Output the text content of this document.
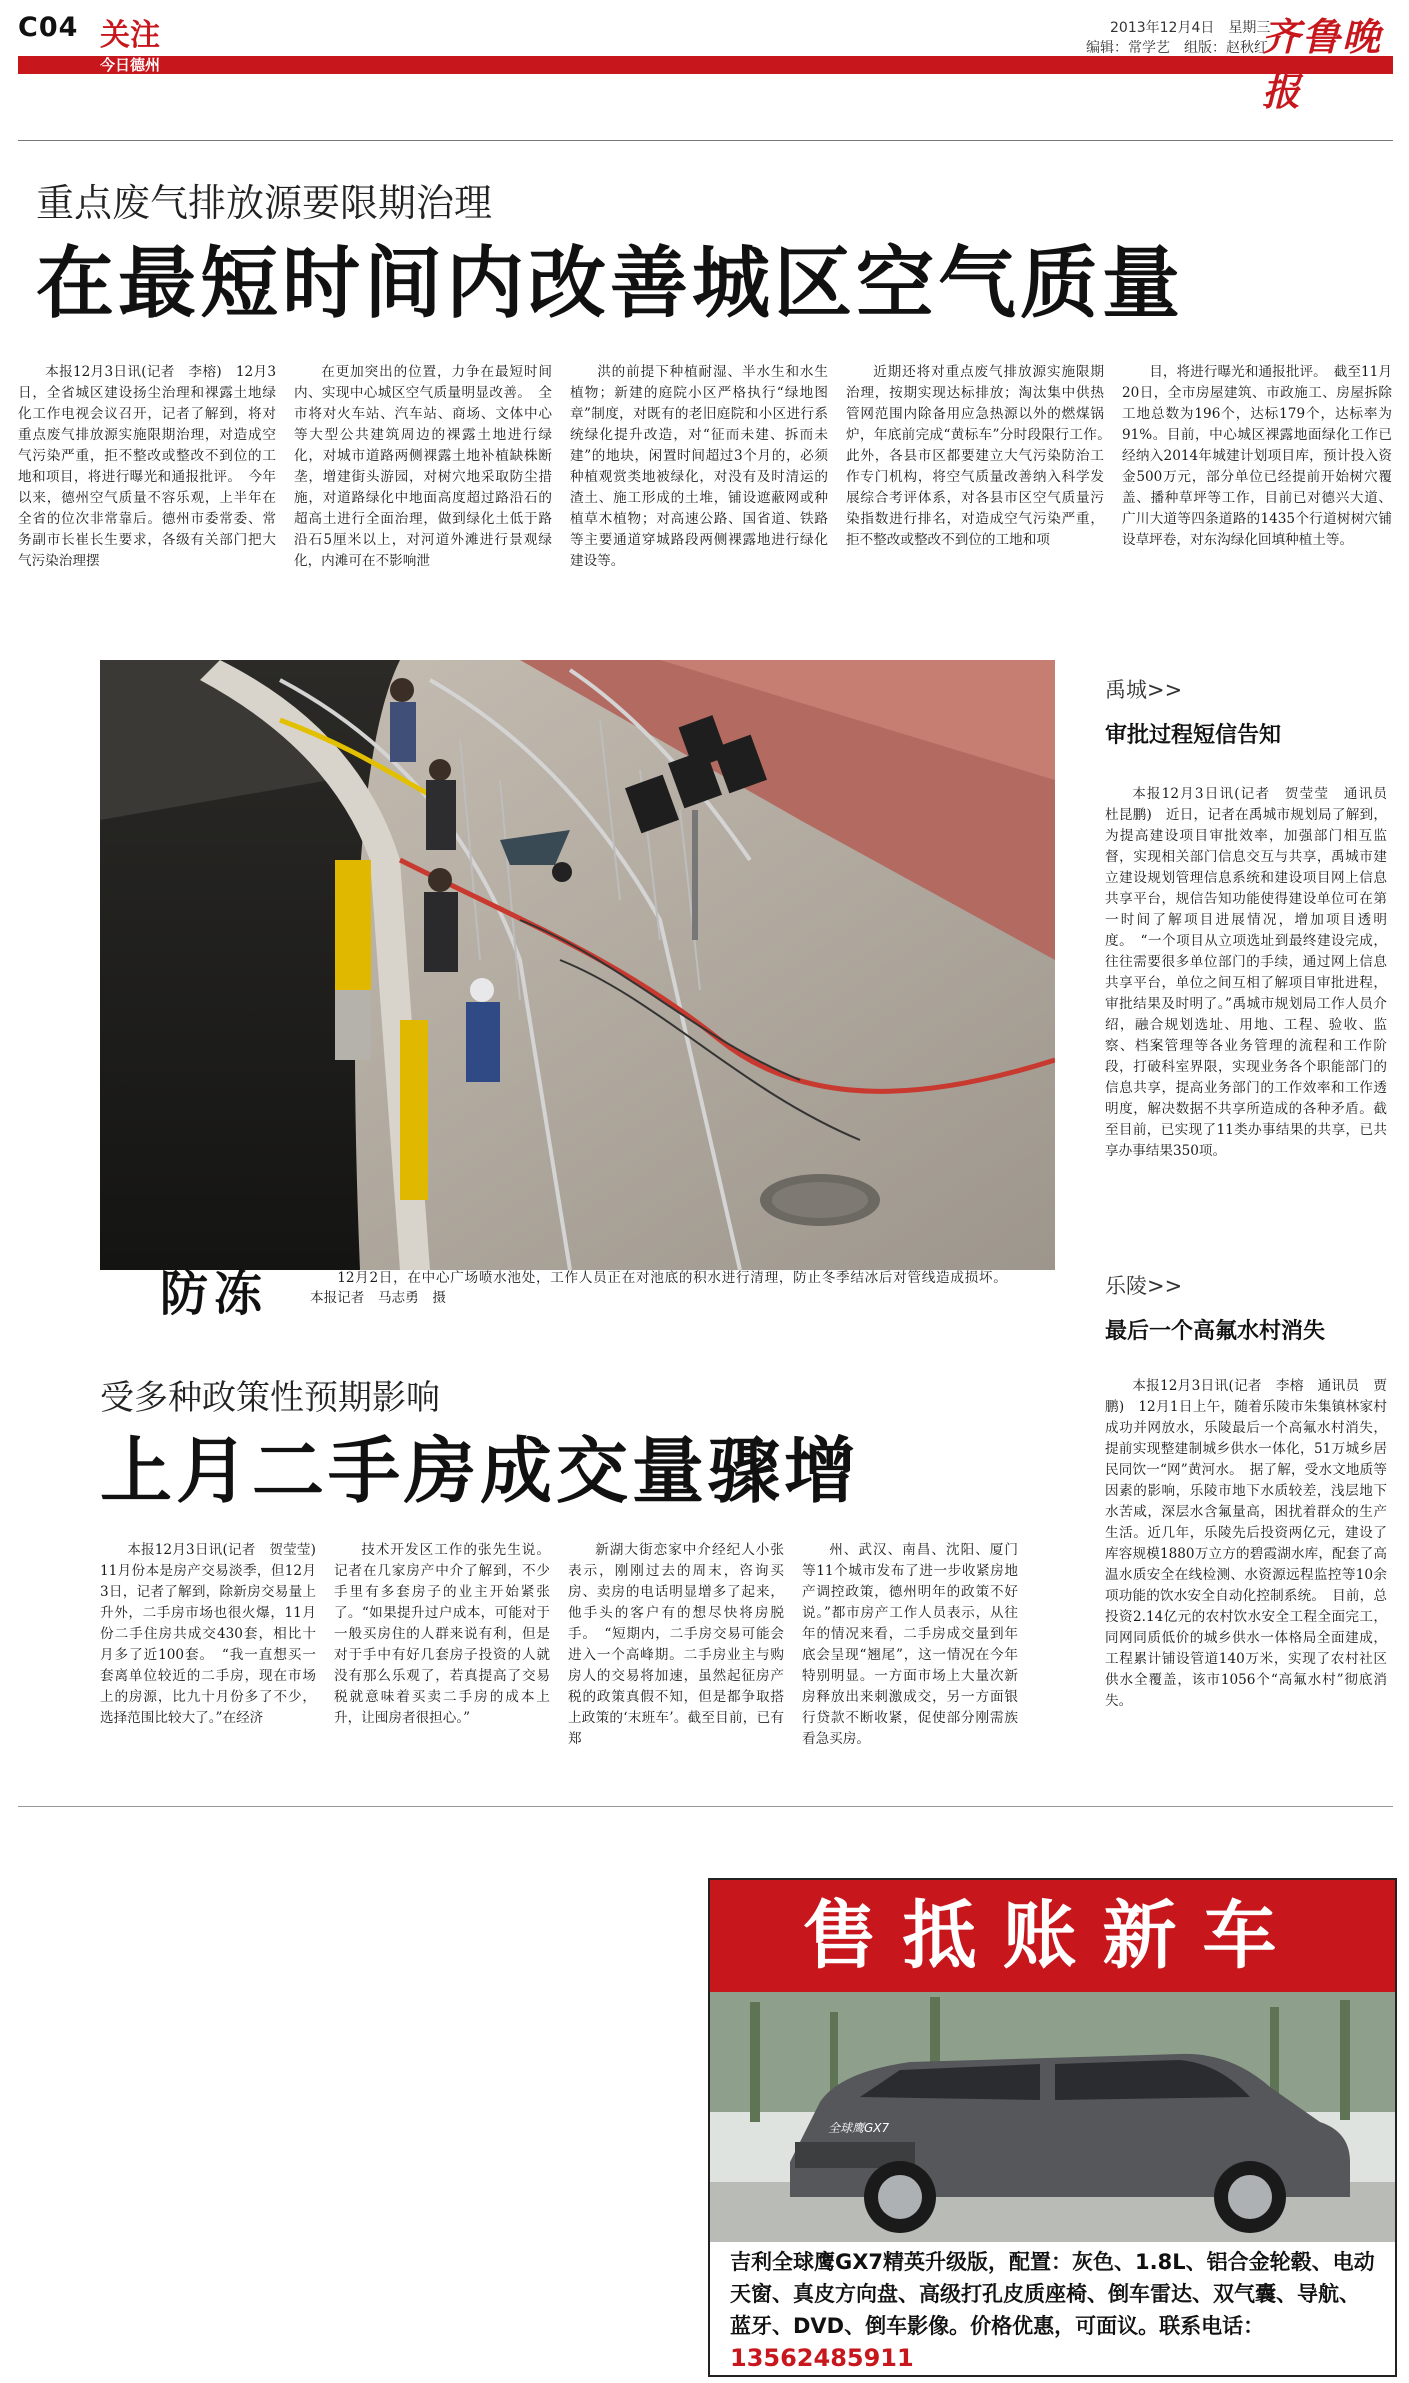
C04 关注
今日德州
2013年12月4日　星期三
编辑：常学艺　组版：赵秋红
齐鲁晚报
重点废气排放源要限期治理
在最短时间内改善城区空气质量

本报12月3日讯(记者　李榕)　12月3日，全省城区建设扬尘治理和裸露土地绿化工作电视会议召开，记者了解到，将对重点废气排放源实施限期治理，对造成空气污染严重，拒不整改或整改不到位的工地和项目，将进行曝光和通报批评。　今年以来，德州空气质量不容乐观，上半年在全省的位次非常靠后。德州市委常委、常务副市长崔长生要求，各级有关部门把大气污染治理摆

在更加突出的位置，力争在最短时间内、实现中心城区空气质量明显改善。　全市将对火车站、汽车站、商场、文体中心等大型公共建筑周边的裸露土地进行绿化，对城市道路两侧裸露土地补植缺株断垄，增建街头游园，对树穴地采取防尘措施，对道路绿化中地面高度超过路沿石的超高土进行全面治理，做到绿化土低于路沿石5厘米以上，对河道外滩进行景观绿化，内滩可在不影响泄

洪的前提下种植耐湿、半水生和水生植物；新建的庭院小区严格执行“绿地图章”制度，对既有的老旧庭院和小区进行系统绿化提升改造，对“征而未建、拆而未建”的地块，闲置时间超过3个月的，必须种植观赏类地被绿化，对没有及时清运的渣土、施工形成的土堆，铺设遮蔽网或种植草木植物；对高速公路、国省道、铁路等主要通道穿城路段两侧裸露地进行绿化建设等。

近期还将对重点废气排放源实施限期治理，按期实现达标排放；淘汰集中供热管网范围内除备用应急热源以外的燃煤锅炉，年底前完成“黄标车”分时段限行工作。　此外，各县市区都要建立大气污染防治工作专门机构，将空气质量改善纳入科学发展综合考评体系，对各县市区空气质量污染指数进行排名，对造成空气污染严重，拒不整改或整改不到位的工地和项

目，将进行曝光和通报批评。　截至11月20日，全市房屋建筑、市政施工、房屋拆除工地总数为196个，达标179个，达标率为91%。目前，中心城区裸露地面绿化工作已经纳入2014年城建计划项目库，预计投入资金500万元，部分单位已经提前开始树穴覆盖、播种草坪等工作，目前已对德兴大道、广川大道等四条道路的1435个行道树树穴铺设草坪卷，对东沟绿化回填种植土等。

防冻	12月2日，在中心广场喷水池处，工作人员正在对池底的积水进行清理，防止冬季结冰后对管线造成损坏。　　　本报记者　马志勇　摄

禹城>>
审批过程短信告知

本报12月3日讯(记者　贺莹莹　通讯员　杜昆鹏)　近日，记者在禹城市规划局了解到，为提高建设项目审批效率，加强部门相互监督，实现相关部门信息交互与共享，禹城市建立建设规划管理信息系统和建设项目网上信息共享平台，规信告知功能使得建设单位可在第一时间了解项目进展情况，增加项目透明度。　“一个项目从立项选址到最终建设完成，往往需要很多单位部门的手续，通过网上信息共享平台，单位之间互相了解项目审批进程，审批结果及时明了。”禹城市规划局工作人员介绍，融合规划选址、用地、工程、验收、监察、档案管理等各业务管理的流程和工作阶段，打破科室界限，实现业务各个职能部门的信息共享，提高业务部门的工作效率和工作透明度，解决数据不共享所造成的各种矛盾。截至目前，已实现了11类办事结果的共享，已共享办事结果350项。

乐陵>>
最后一个高氟水村消失

本报12月3日讯(记者　李榕　通讯员　贾鹏)　12月1日上午，随着乐陵市朱集镇林家村成功并网放水，乐陵最后一个高氟水村消失，提前实现整建制城乡供水一体化，51万城乡居民同饮一“网”黄河水。　据了解，受水文地质等因素的影响，乐陵市地下水质较差，浅层地下水苦咸，深层水含氟量高，困扰着群众的生产生活。近几年，乐陵先后投资两亿元，建设了库容规模1880万立方的碧霞湖水库，配套了高温水质安全在线检测、水资源远程监控等10余项功能的饮水安全自动化控制系统。　目前，总投资2.14亿元的农村饮水安全工程全面完工，同网同质低价的城乡供水一体格局全面建成，工程累计铺设管道140万米，实现了农村社区供水全覆盖，该市1056个“高氟水村”彻底消失。

受多种政策性预期影响
上月二手房成交量骤增

本报12月3日讯(记者　贺莹莹)　11月份本是房产交易淡季，但12月3日，记者了解到，除新房交易量上升外，二手房市场也很火爆，11月份二手住房共成交430套，相比十月多了近100套。　“我一直想买一套离单位较近的二手房，现在市场上的房源，比九十月份多了不少，选择范围比较大了。”在经济

技术开发区工作的张先生说。记者在几家房产中介了解到，不少手里有多套房子的业主开始紧张了。“如果提升过户成本，可能对于一般买房住的人群来说有利，但是对于手中有好几套房子投资的人就没有那么乐观了，若真提高了交易税就意味着买卖二手房的成本上升，让囤房者很担心。”

新湖大街恋家中介经纪人小张表示，刚刚过去的周末，咨询买房、卖房的电话明显增多了起来，他手头的客户有的想尽快将房脱手。　“短期内，二手房交易可能会进入一个高峰期。二手房业主与购房人的交易将加速，虽然起征房产税的政策真假不知，但是都争取搭上政策的‘末班车’。截至目前，已有郑

州、武汉、南昌、沈阳、厦门等11个城市发布了进一步收紧房地产调控政策，德州明年的政策不好说。”都市房产工作人员表示，从往年的情况来看，二手房成交量到年底会呈现“翘尾”，这一情况在今年特别明显。一方面市场上大量次新房释放出来刺激成交，另一方面银行贷款不断收紧，促使部分刚需族看急买房。

售抵账新车
全球鹰GX7
吉利全球鹰GX7精英升级版，配置：灰色、1.8L、铝合金轮毂、电动天窗、真皮方向盘、高级打孔皮质座椅、倒车雷达、双气囊、导航、蓝牙、DVD、倒车影像。价格优惠，可面议。联系电话：13562485911
